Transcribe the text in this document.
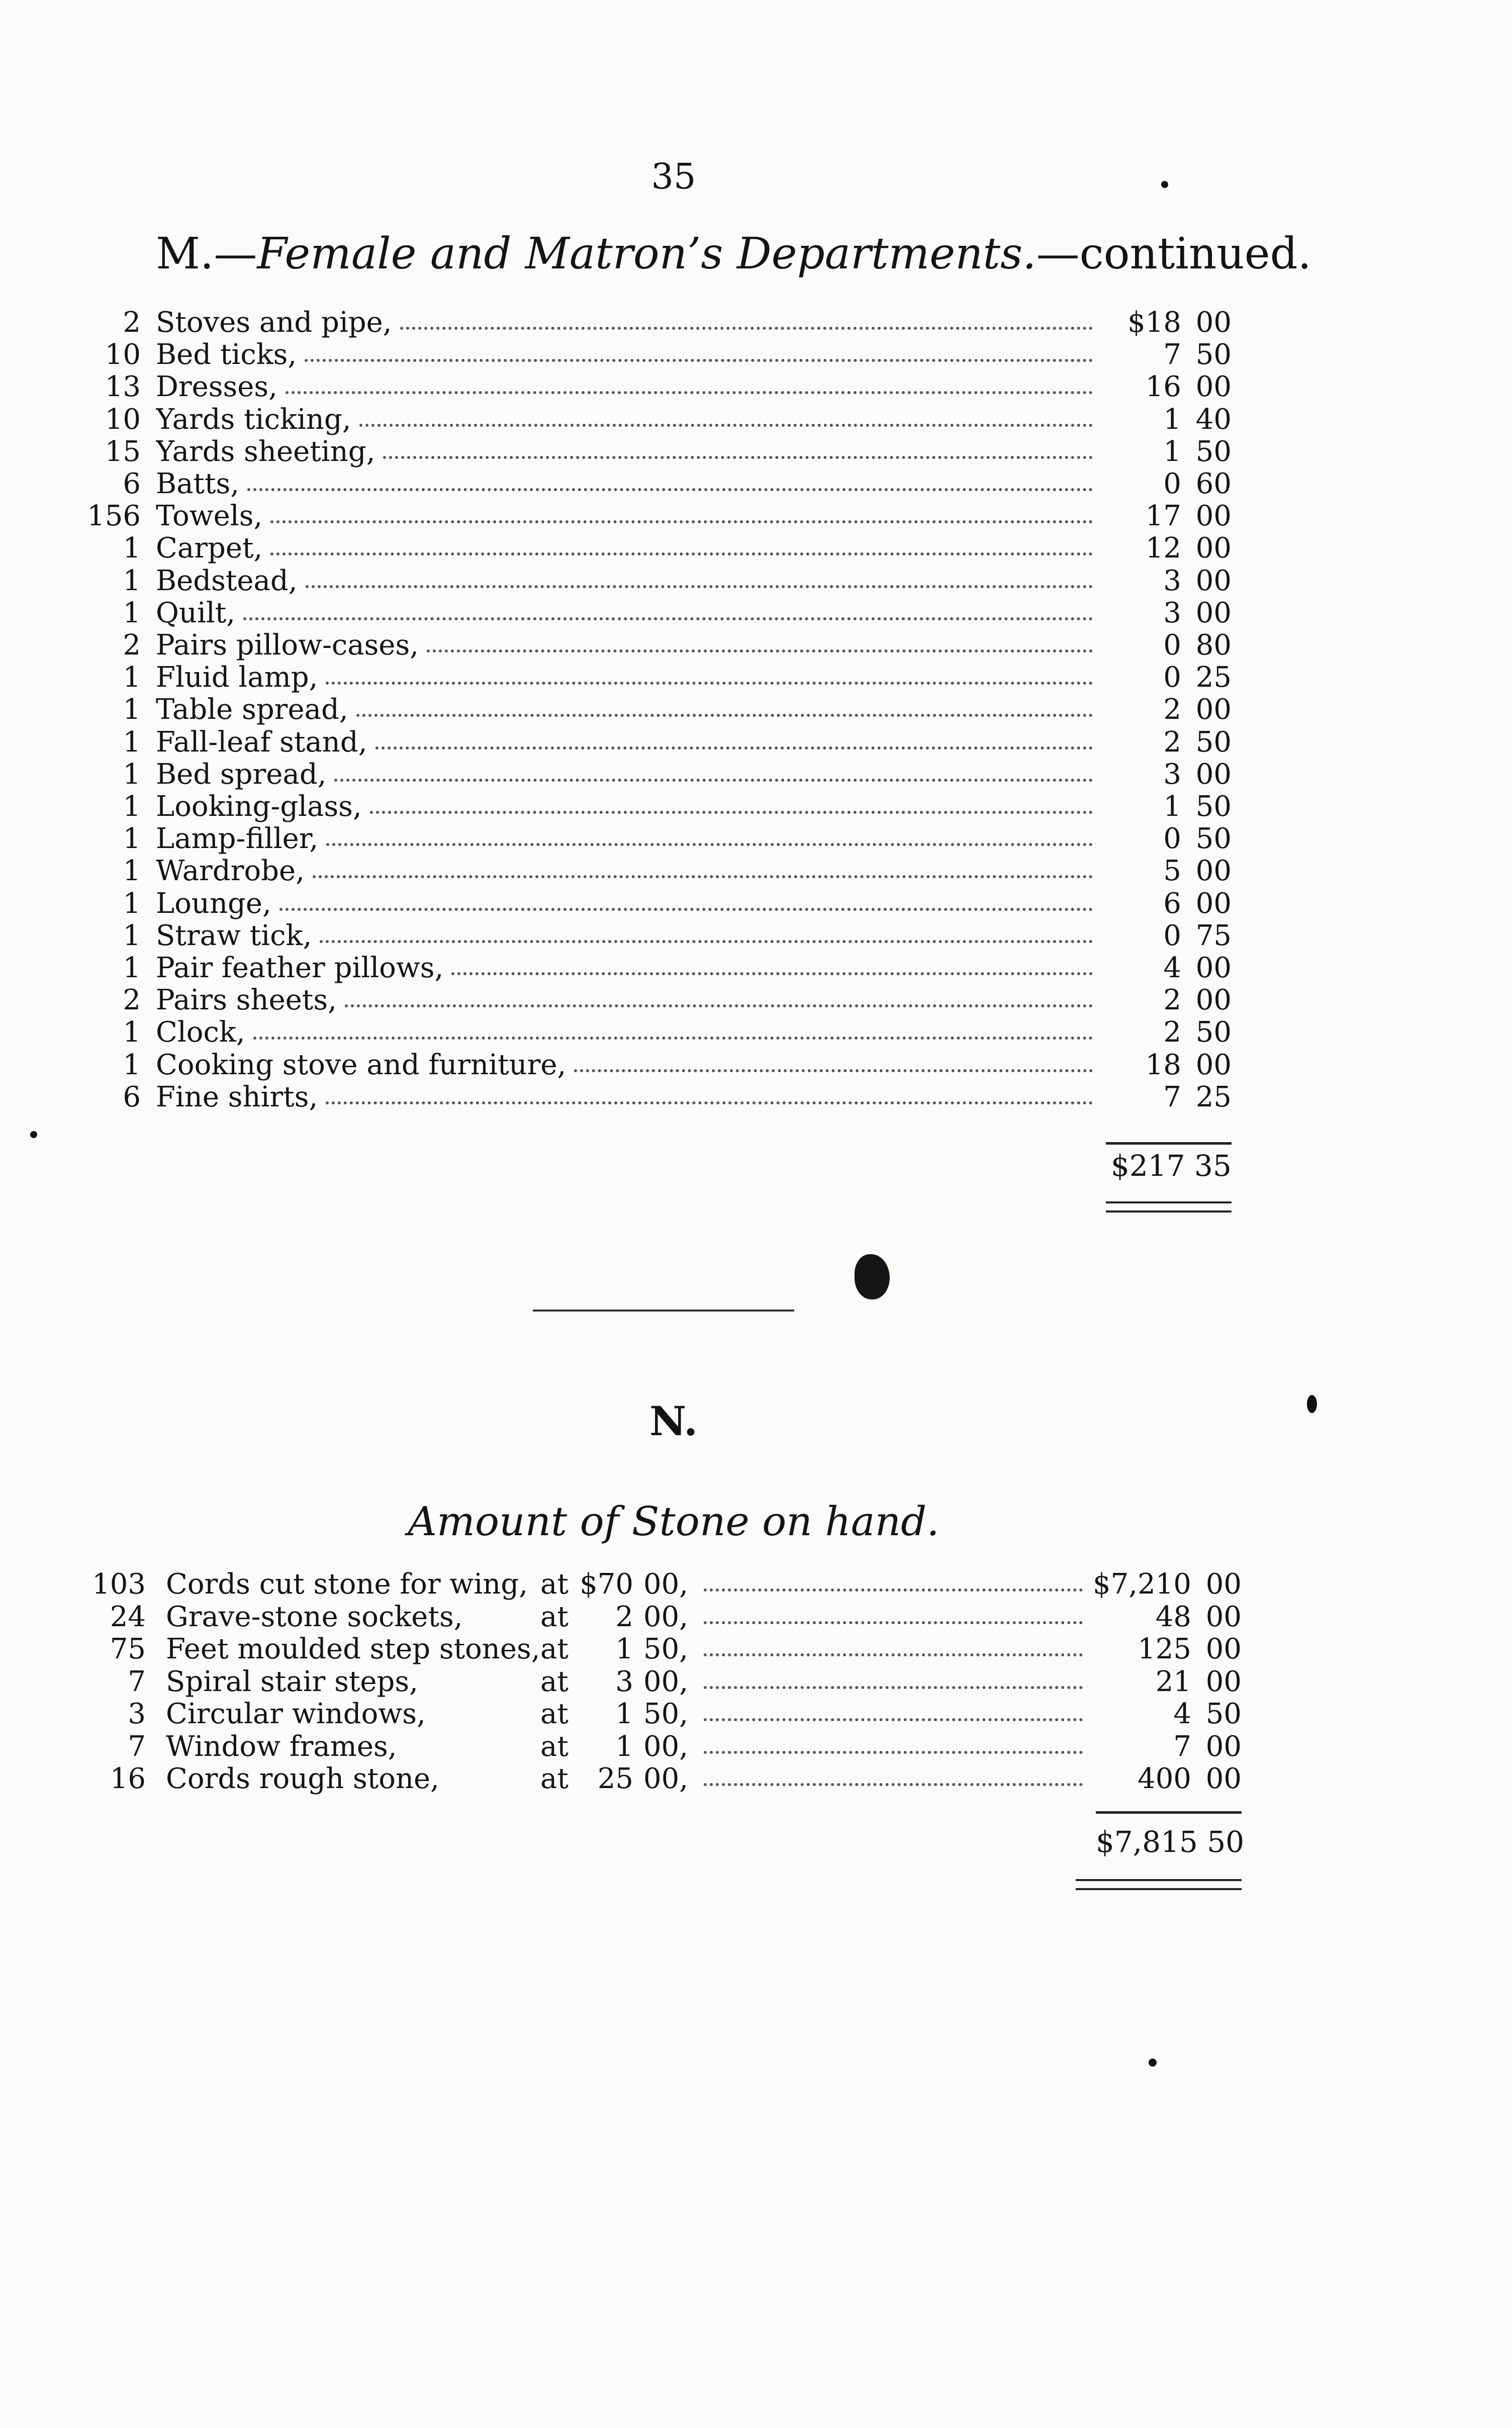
35
M.—Female and Matron’s Departments.—continued.
2 Stoves and pipe,	$18 00
10 Bed ticks,	7 50
13 Dresses,	16 00
10 Yards ticking,	1 40
15 Yards sheeting,	1 50
6 Batts,	0 60
156 Towels,	17 00
1 Carpet,	12 00
1 Bedstead,	3 00
1 Quilt,	3 00
2 Pairs pillow-cases,	0 80
1 Fluid lamp,	0 25
1 Table spread,	2 00
1 Fall-leaf stand,	2 50
1 Bed spread,	3 00
1 Looking-glass,	1 50
1 Lamp-filler,	0 50
1 Wardrobe,	5 00
1 Lounge,	6 00
1 Straw tick,	0 75
1 Pair feather pillows,	4 00
2 Pairs sheets,	2 00
1 Clock,	2 50
1 Cooking stove and furniture,	18 00
6 Fine shirts,	7 25
$217 35
N.
Amount of Stone on hand.
103 Cords cut stone for wing, at $70 00,	$7,210 00
24 Grave-stone sockets,	at	2 00,	48 00
75 Feet moulded step stones, at	1 50,	125 00
7 Spiral stair steps,	at	3 00,	21 00
3 Circular windows,	at	1 50,	4 50
7 Window frames,	at	1 00,	7 00
16 Cords rough stone,	at	25 00,	400 00
$7,815 50
